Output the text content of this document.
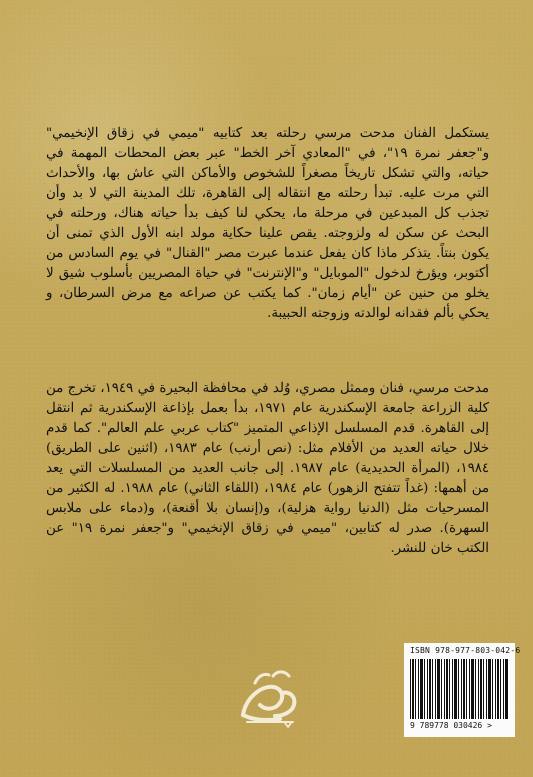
يستكمل الفنان مدحت مرسي رحلته بعد كتابيه "ميمي في زقاق الإنخيمي" و"جعفر نمرة ١٩"، في "المعادي آخر الخط" عبر بعض المحطات المهمة في حياته، والتي تشكل تاريخاً مصغراً للشخوص والأماكن التي عاش بها، والأحداث التي مرت عليه. تبدأ رحلته مع انتقاله إلى القاهرة، تلك المدينة التي لا بد وأن تجذب كل المبدعين في مرحلة ما، يحكي لنا كيف بدأ حياته هناك، ورحلته في البحث عن سكن له ولزوجته. يقص علينا حكاية مولد ابنه الأول الذي تمنى أن يكون بنتاً. يتذكر ماذا كان يفعل عندما عبرت مصر "القنال" في يوم السادس من أكتوبر، ويؤرخ لدخول "الموبايل" و"الإنترنت" في حياة المصريين بأسلوب شيق لا يخلو من حنين عن "أيام زمان". كما يكتب عن صراعه مع مرض السرطان، و يحكي بألم فقدانه لوالدته وزوجته الحبيبة.
مدحت مرسي، فنان وممثل مصري، وُلد في محافظة البحيرة في ١٩٤٩، تخرج من كلية الزراعة جامعة الإسكندرية عام ١٩٧١، بدأ بعمل بإذاعة الإسكندرية ثم انتقل إلى القاهرة. قدم المسلسل الإذاعي المتميز "كتاب عربي علم العالم". كما قدم خلال حياته العديد من الأفلام مثل: (نص أرنب) عام ١٩٨٣، (اثنين على الطريق) ١٩٨٤، (المرأة الحديدية) عام ١٩٨٧. إلى جانب العديد من المسلسلات التي يعد من أهمها: (غداً تتفتح الزهور) عام ١٩٨٤، (اللقاء الثاني) عام ١٩٨٨. له الكثير من المسرحيات مثل (الدنيا رواية هزلية)، و(إنسان بلا أقنعة)، و(دماء على ملابس السهرة). صدر له كتابين، "ميمي في زقاق الإنخيمي" و"جعفر نمرة ١٩" عن الكتب خان للنشر.
ISBN 978-977-803-042-6
9 789778 030426 >
